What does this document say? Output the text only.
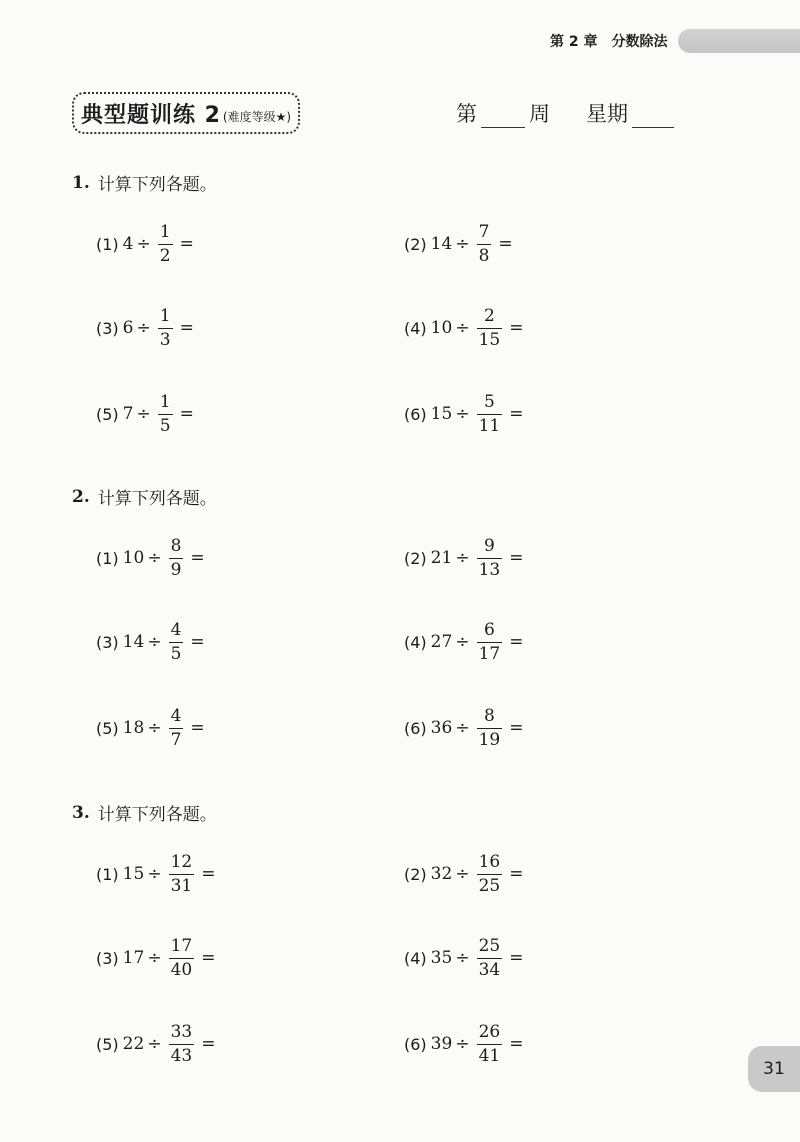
第 2 章　分数除法
典型题训练 2 (难度等级★)	第 周 星期
1. 计算下列各题。
(1) $4 \div \frac{1}{2}$ =	(2) $14 \div \frac{7}{8}$ =
(3) $6 \div \frac{1}{3}$ =	(4) $10 \div \frac{2}{15}$ =
(5) $7 \div \frac{1}{5}$ =	(6) $15 \div \frac{5}{11}$ =
2. 计算下列各题。
(1) $10 \div \frac{8}{9}$ =	(2) $21 \div \frac{9}{13}$ =
(3) $14 \div \frac{4}{5}$ =	(4) $27 \div \frac{6}{17}$ =
(5) $18 \div \frac{4}{7}$ =	(6) $36 \div \frac{8}{19}$ =
3. 计算下列各题。
(1) $15 \div \frac{12}{31}$ =	(2) $32 \div \frac{16}{25}$ =
(3) $17 \div \frac{17}{40}$ =	(4) $35 \div \frac{25}{34}$ =
(5) $22 \div \frac{33}{43}$ =	(6) $39 \div \frac{26}{41}$ =
31
